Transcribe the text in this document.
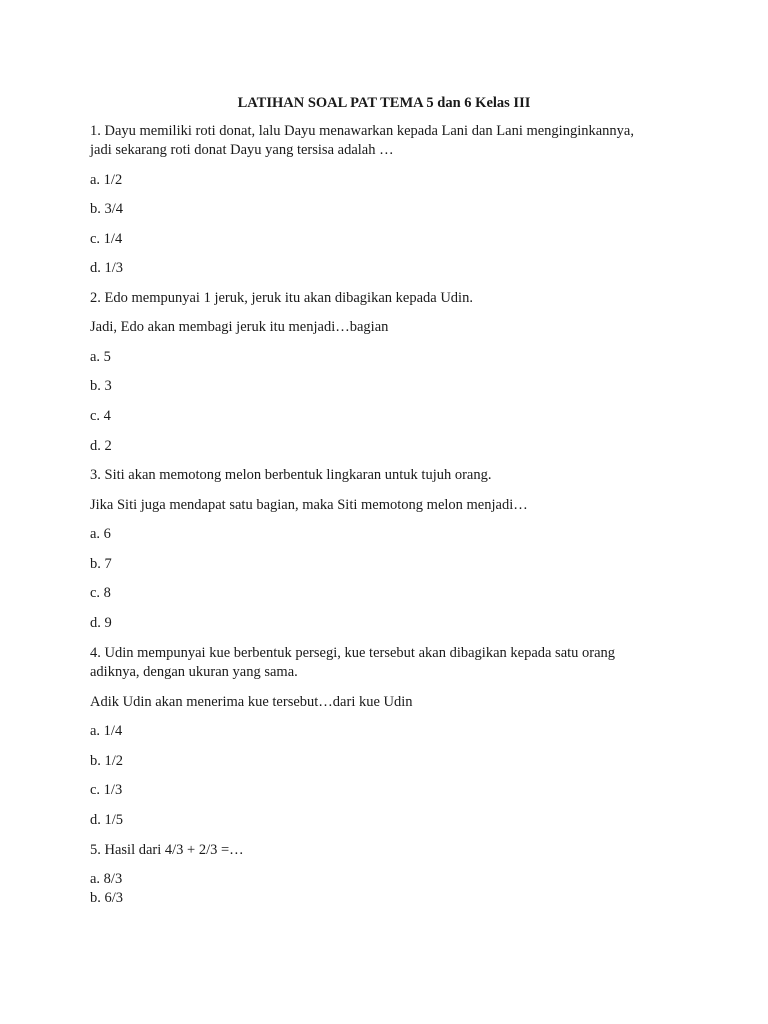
LATIHAN SOAL PAT TEMA 5 dan 6 Kelas III
1. Dayu memiliki roti donat, lalu Dayu menawarkan kepada Lani dan Lani menginginkannya,
jadi sekarang roti donat Dayu yang tersisa adalah …
a. 1/2
b. 3/4
c. 1/4
d. 1/3
2. Edo mempunyai 1 jeruk, jeruk itu akan dibagikan kepada Udin.
Jadi, Edo akan membagi jeruk itu menjadi…bagian
a. 5
b. 3
c. 4
d. 2
3. Siti akan memotong melon berbentuk lingkaran untuk tujuh orang.
Jika Siti juga mendapat satu bagian, maka Siti memotong melon menjadi…
a. 6
b. 7
c. 8
d. 9
4. Udin mempunyai kue berbentuk persegi, kue tersebut akan dibagikan kepada satu orang
adiknya, dengan ukuran yang sama.
Adik Udin akan menerima kue tersebut…dari kue Udin
a. 1/4
b. 1/2
c. 1/3
d. 1/5
5. Hasil dari 4/3 + 2/3 =…
a. 8/3
b. 6/3
